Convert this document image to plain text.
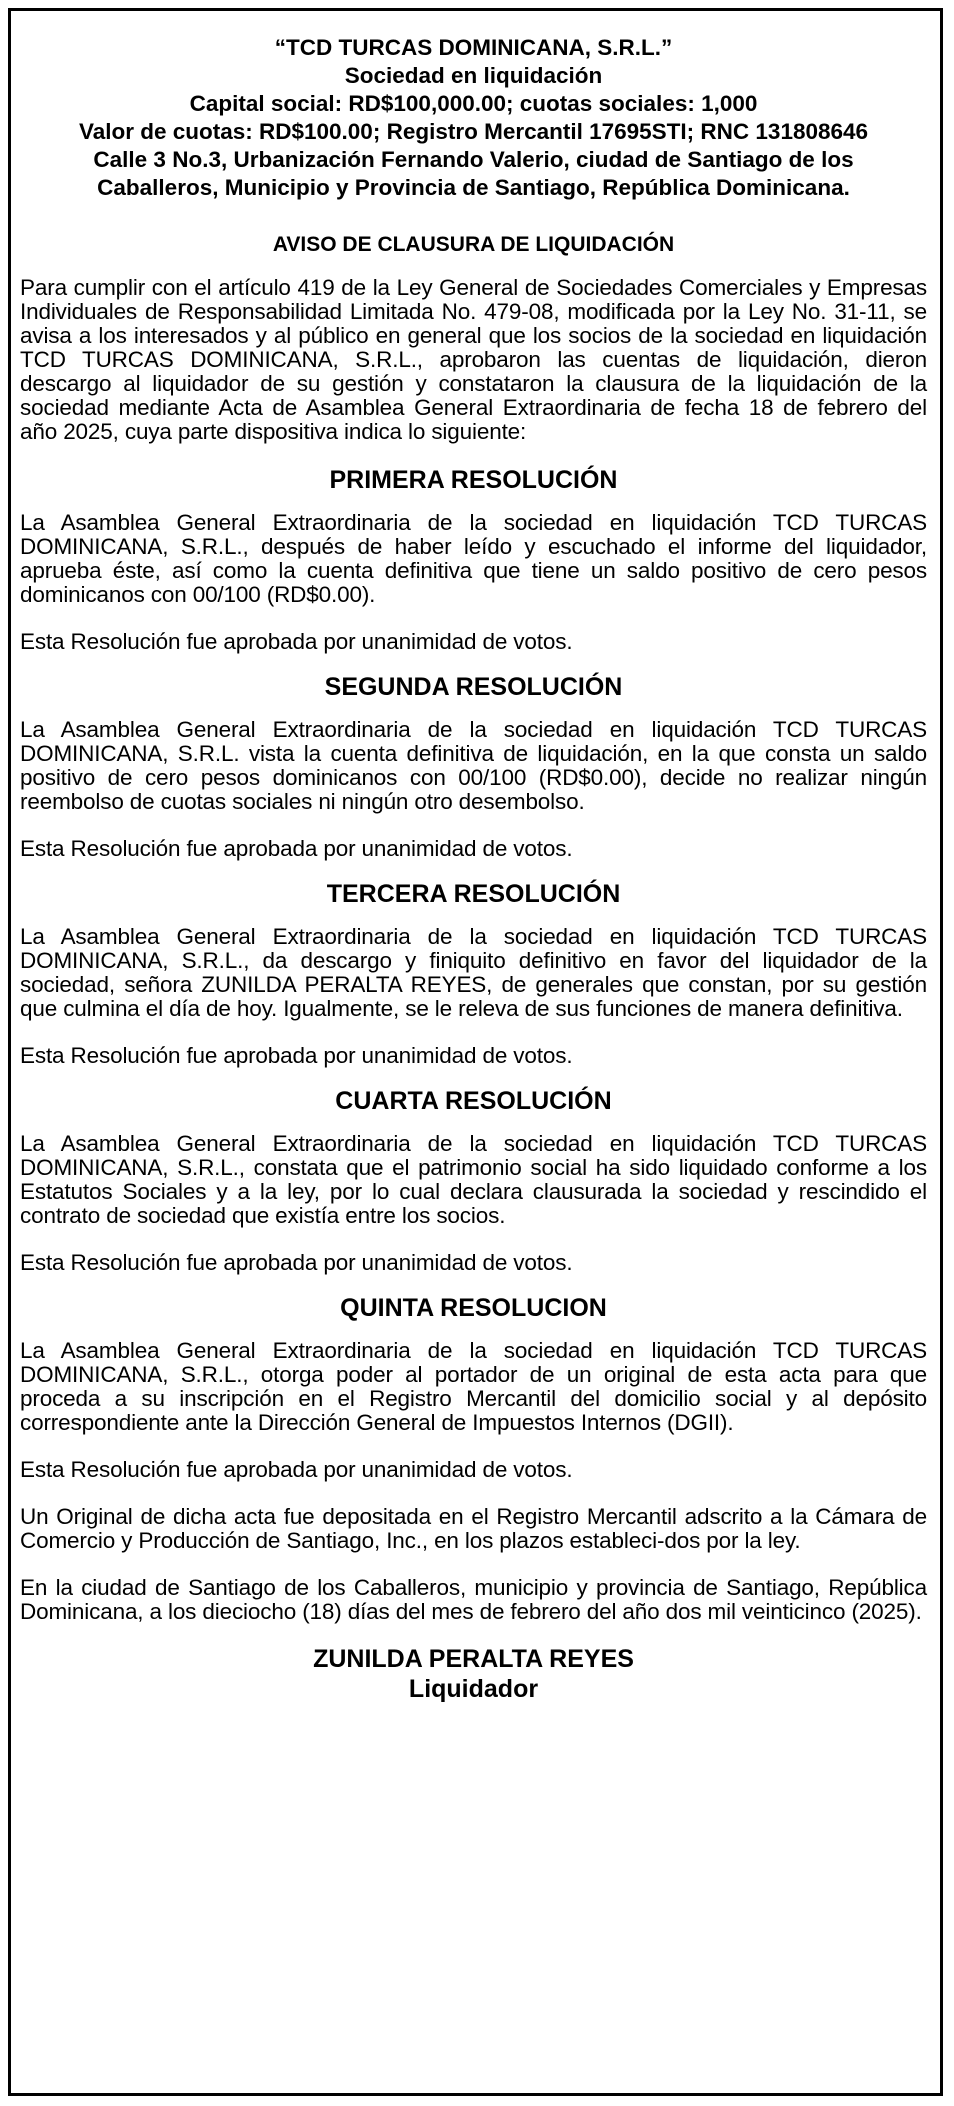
“TCD TURCAS DOMINICANA, S.R.L.”

Sociedad en liquidación

Capital social: RD$100,000.00; cuotas sociales: 1,000

Valor de cuotas: RD$100.00; Registro Mercantil 17695STI; RNC 131808646

Calle 3 No.3, Urbanización Fernando Valerio, ciudad de Santiago de los

Caballeros, Municipio y Provincia de Santiago, República Dominicana.

AVISO DE CLAUSURA DE LIQUIDACIÓN

Para cumplir con el artículo 419 de la Ley General de Sociedades Comerciales y Empresas Individuales de Responsabilidad Limitada No. 479-08, modificada por la Ley No. 31-11, se avisa a los interesados y al público en general que los socios de la sociedad en liquidación TCD TURCAS DOMINICANA, S.R.L., aprobaron las cuentas de liquidación, dieron descargo al liquidador de su gestión y constataron la clausura de la liquidación de la sociedad mediante Acta de Asamblea General Extraordinaria de fecha 18 de febrero del año 2025, cuya parte dispositiva indica lo siguiente:

PRIMERA RESOLUCIÓN

La Asamblea General Extraordinaria de la sociedad en liquidación TCD TURCAS DOMINICANA, S.R.L., después de haber leído y escuchado el informe del liquidador, aprueba éste, así como la cuenta definitiva que tiene un saldo positivo de cero pesos dominicanos con 00/100 (RD$0.00).

Esta Resolución fue aprobada por unanimidad de votos.

SEGUNDA RESOLUCIÓN

La Asamblea General Extraordinaria de la sociedad en liquidación TCD TURCAS DOMINICANA, S.R.L. vista la cuenta definitiva de liquidación, en la que consta un saldo positivo de cero pesos dominicanos con 00/100 (RD$0.00), decide no realizar ningún reembolso de cuotas sociales ni ningún otro desembolso.

Esta Resolución fue aprobada por unanimidad de votos.

TERCERA RESOLUCIÓN

La Asamblea General Extraordinaria de la sociedad en liquidación TCD TURCAS DOMINICANA, S.R.L., da descargo y finiquito definitivo en favor del liquidador de la sociedad, señora ZUNILDA PERALTA REYES, de generales que constan, por su gestión que culmina el día de hoy. Igualmente, se le releva de sus funciones de manera definitiva.

Esta Resolución fue aprobada por unanimidad de votos.

CUARTA RESOLUCIÓN

La Asamblea General Extraordinaria de la sociedad en liquidación TCD TURCAS DOMINICANA, S.R.L., constata que el patrimonio social ha sido liquidado conforme a los Estatutos Sociales y a la ley, por lo cual declara clausurada la sociedad y rescindido el contrato de sociedad que existía entre los socios.

Esta Resolución fue aprobada por unanimidad de votos.

QUINTA RESOLUCION

La Asamblea General Extraordinaria de la sociedad en liquidación TCD TURCAS DOMINICANA, S.R.L., otorga poder al portador de un original de esta acta para que proceda a su inscripción en el Registro Mercantil del domicilio social y al depósito correspondiente ante la Dirección General de Impuestos Internos (DGII).

Esta Resolución fue aprobada por unanimidad de votos.

Un Original de dicha acta fue depositada en el Registro Mercantil adscrito a la Cámara de Comercio y Producción de Santiago, Inc., en los plazos estableci-dos por la ley.

En la ciudad de Santiago de los Caballeros, municipio y provincia de Santiago, República Dominicana, a los dieciocho (18) días del mes de febrero del año dos mil veinticinco (2025).

ZUNILDA PERALTA REYES

Liquidador
